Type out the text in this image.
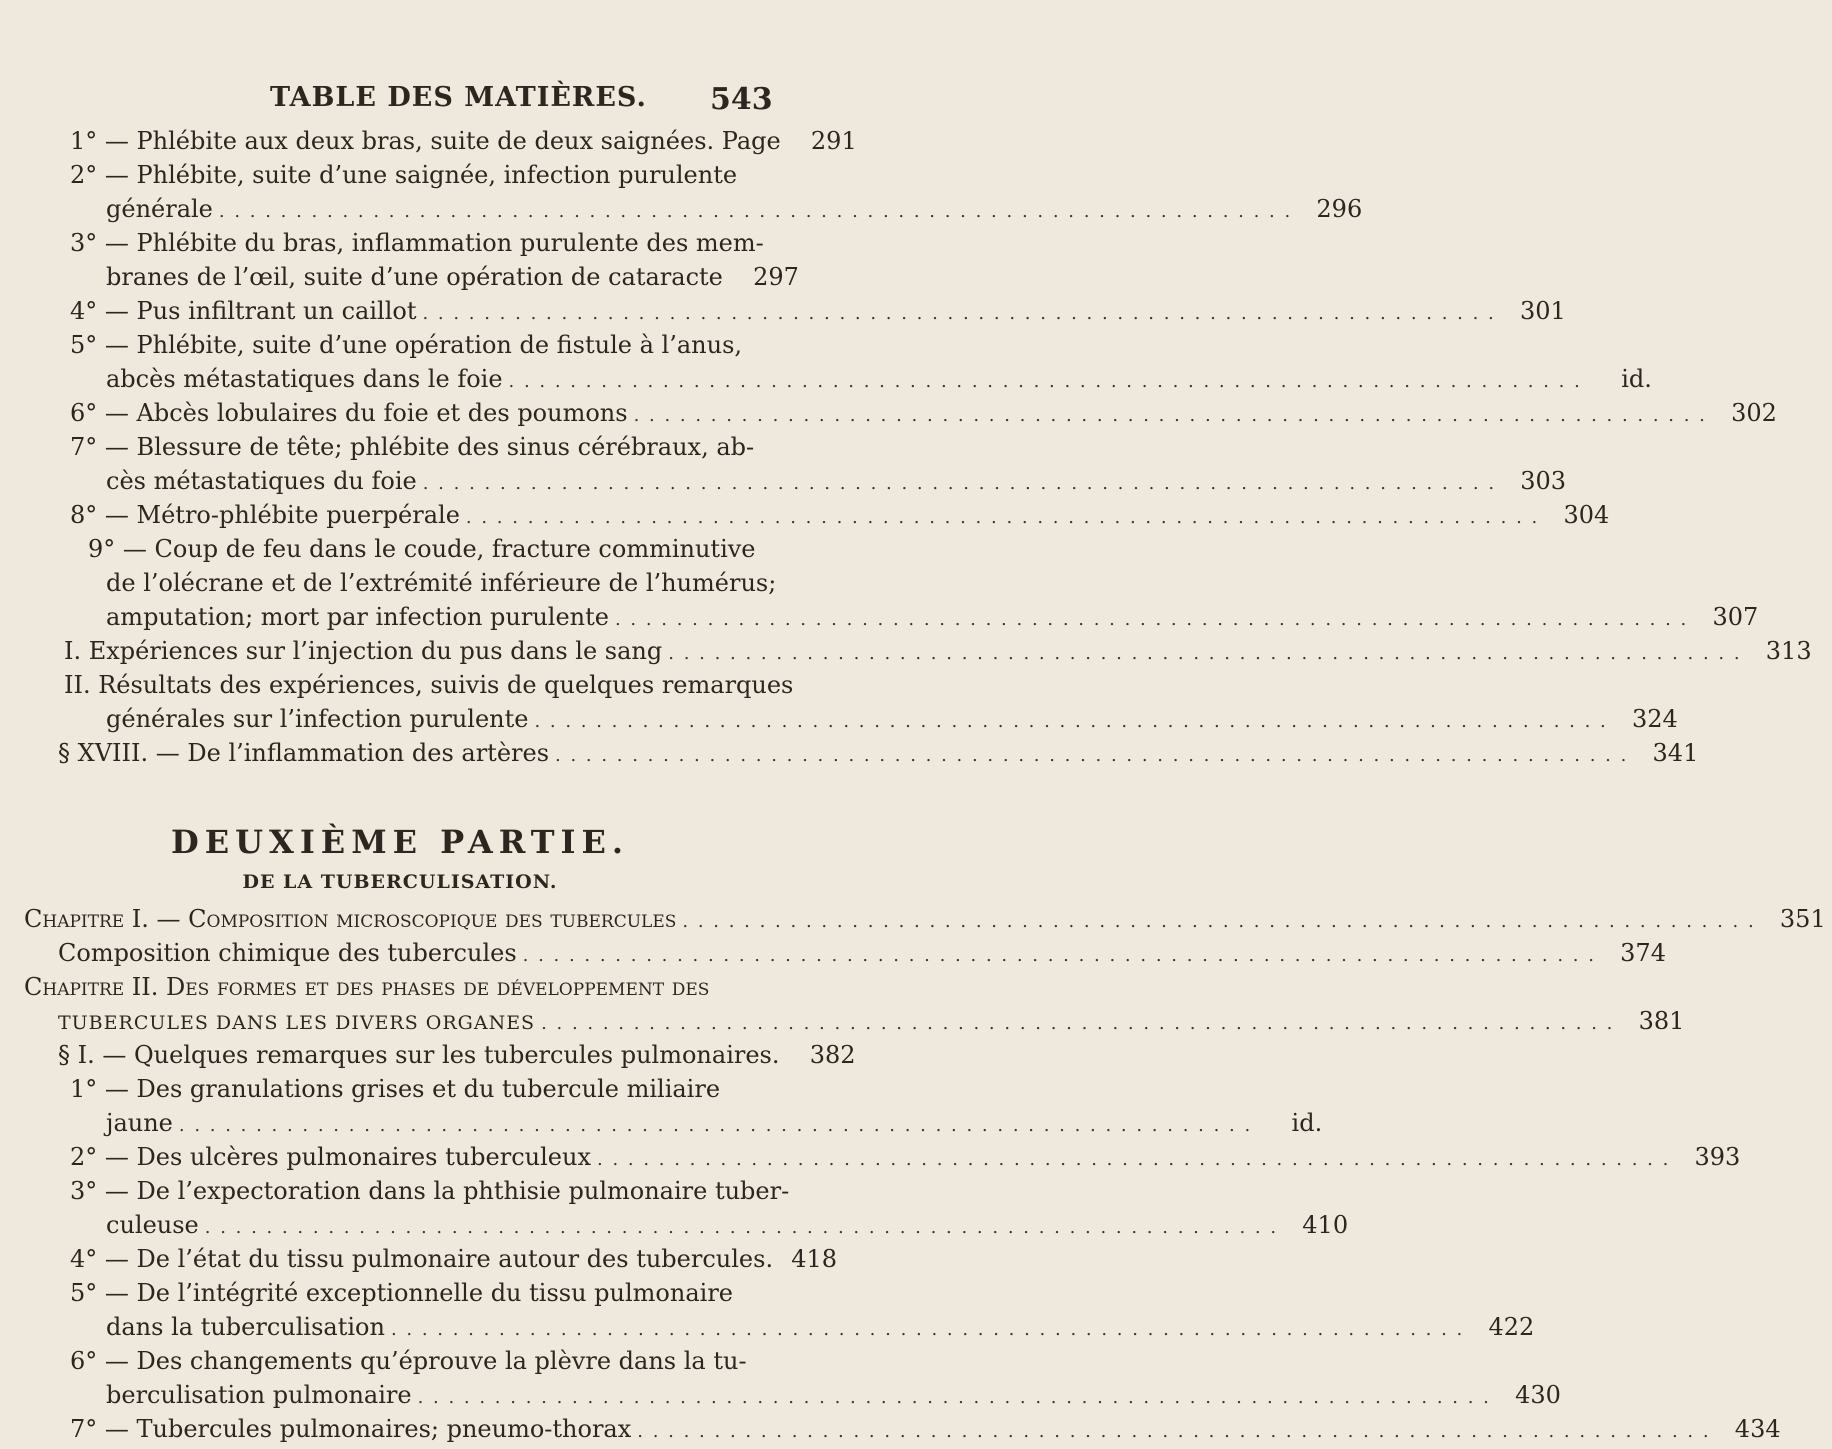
TABLE DES MATIÈRES. 543
1° — Phlébite aux deux bras, suite de deux saignées. Page	291
2° — Phlébite, suite d’une saignée, infection purulente
générale . . .	296
3° — Phlébite du bras, inflammation purulente des mem-
branes de l’œil, suite d’une opération de cataracte	297
4° — Pus infiltrant un caillot . . .	301
5° — Phlébite, suite d’une opération de fistule à l’anus,
abcès métastatiques dans le foie . . .	id.
6° — Abcès lobulaires du foie et des poumons . . .	302
7° — Blessure de tête; phlébite des sinus cérébraux, ab-
cès métastatiques du foie . . .	303
8° — Métro-phlébite puerpérale . . .	304
9° — Coup de feu dans le coude, fracture comminutive
de l’olécrane et de l’extrémité inférieure de l’humérus;
amputation; mort par infection purulente . . .	307
I. Expériences sur l’injection du pus dans le sang . . .	313
II. Résultats des expériences, suivis de quelques remarques
générales sur l’infection purulente . . .	324
§ XVIII. — De l’inflammation des artères . . .	341
DEUXIÈME PARTIE.
DE LA TUBERCULISATION.
Chapitre I. — Composition microscopique des tubercules . . .	351
Composition chimique des tubercules . . .	374
Chapitre II. Des formes et des phases de développement des
TUBERCULES DANS LES DIVERS ORGANES . . .	381
§ I. — Quelques remarques sur les tubercules pulmonaires.	382
1° — Des granulations grises et du tubercule miliaire
jaune . . .	id.
2° — Des ulcères pulmonaires tuberculeux . . .	393
3° — De l’expectoration dans la phthisie pulmonaire tuber-
culeuse . . .	410
4° — De l’état du tissu pulmonaire autour des tubercules. 418
5° — De l’intégrité exceptionnelle du tissu pulmonaire
dans la tuberculisation . . .	422
6° — Des changements qu’éprouve la plèvre dans la tu-
berculisation pulmonaire . . .	430
7° — Tubercules pulmonaires; pneumo-thorax . . .	434
